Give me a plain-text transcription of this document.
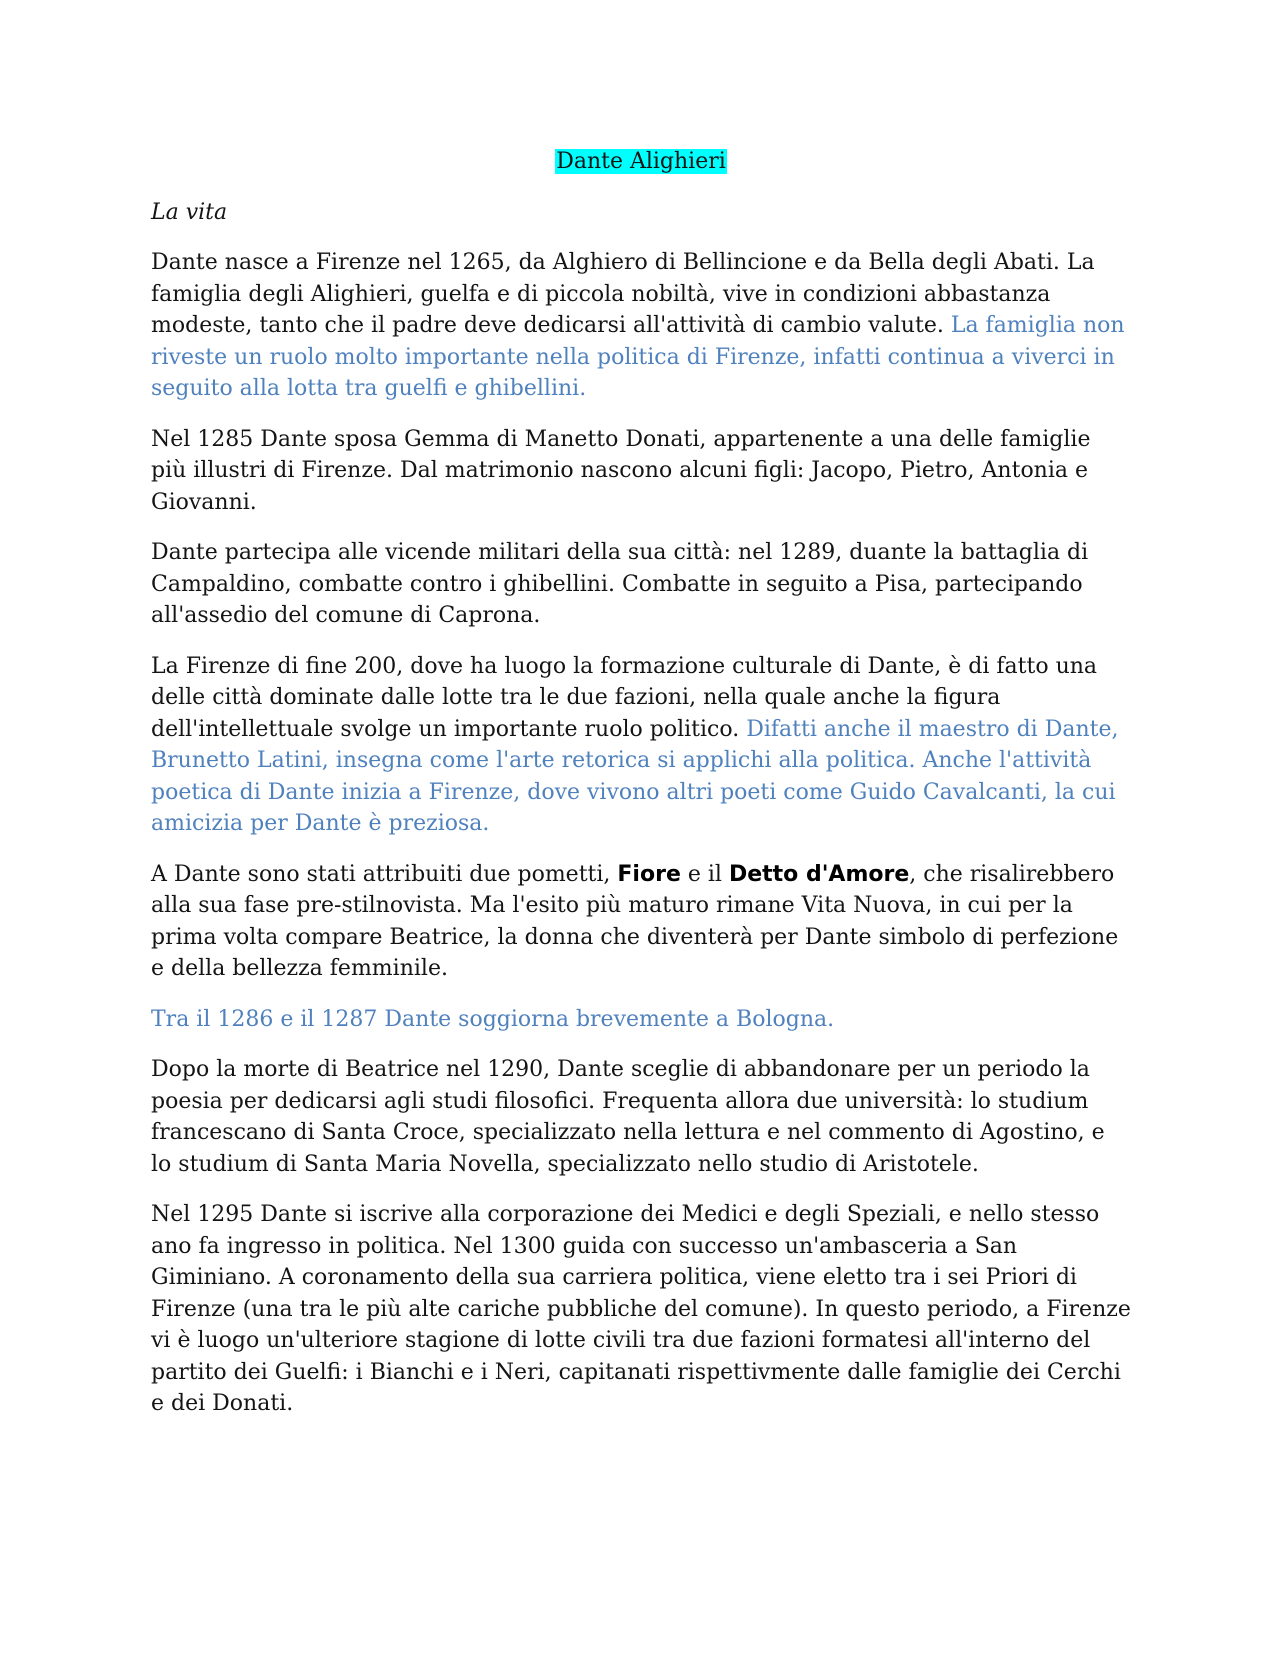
Dante Alighieri
La vita

Dante nasce a Firenze nel 1265, da Alghiero di Bellincione e da Bella degli Abati. La famiglia degli Alighieri, guelfa e di piccola nobiltà, vive in condizioni abbastanza modeste, tanto che il padre deve dedicarsi all'attività di cambio valute. La famiglia non riveste un ruolo molto importante nella politica di Firenze, infatti continua a viverci in seguito alla lotta tra guelfi e ghibellini.

Nel 1285 Dante sposa Gemma di Manetto Donati, appartenente a una delle famiglie più illustri di Firenze. Dal matrimonio nascono alcuni figli: Jacopo, Pietro, Antonia e Giovanni.

Dante partecipa alle vicende militari della sua città: nel 1289, duante la battaglia di Campaldino, combatte contro i ghibellini. Combatte in seguito a Pisa, partecipando all'assedio del comune di Caprona.

La Firenze di fine 200, dove ha luogo la formazione culturale di Dante, è di fatto una delle città dominate dalle lotte tra le due fazioni, nella quale anche la figura dell'intellettuale svolge un importante ruolo politico. Difatti anche il maestro di Dante, Brunetto Latini, insegna come l'arte retorica si applichi alla politica. Anche l'attività poetica di Dante inizia a Firenze, dove vivono altri poeti come Guido Cavalcanti, la cui amicizia per Dante è preziosa.

A Dante sono stati attribuiti due pometti, Fiore e il Detto d'Amore, che risalirebbero alla sua fase pre-stilnovista. Ma l'esito più maturo rimane Vita Nuova, in cui per la prima volta compare Beatrice, la donna che diventerà per Dante simbolo di perfezione e della bellezza femminile.

Tra il 1286 e il 1287 Dante soggiorna brevemente a Bologna.

Dopo la morte di Beatrice nel 1290, Dante sceglie di abbandonare per un periodo la poesia per dedicarsi agli studi filosofici. Frequenta allora due università: lo studium francescano di Santa Croce, specializzato nella lettura e nel commento di Agostino, e lo studium di Santa Maria Novella, specializzato nello studio di Aristotele.

Nel 1295 Dante si iscrive alla corporazione dei Medici e degli Speziali, e nello stesso ano fa ingresso in politica. Nel 1300 guida con successo un'ambasceria a San Giminiano. A coronamento della sua carriera politica, viene eletto tra i sei Priori di Firenze (una tra le più alte cariche pubbliche del comune). In questo periodo, a Firenze vi è luogo un'ulteriore stagione di lotte civili tra due fazioni formatesi all'interno del partito dei Guelfi: i Bianchi e i Neri, capitanati rispettivmente dalle famiglie dei Cerchi e dei Donati.
